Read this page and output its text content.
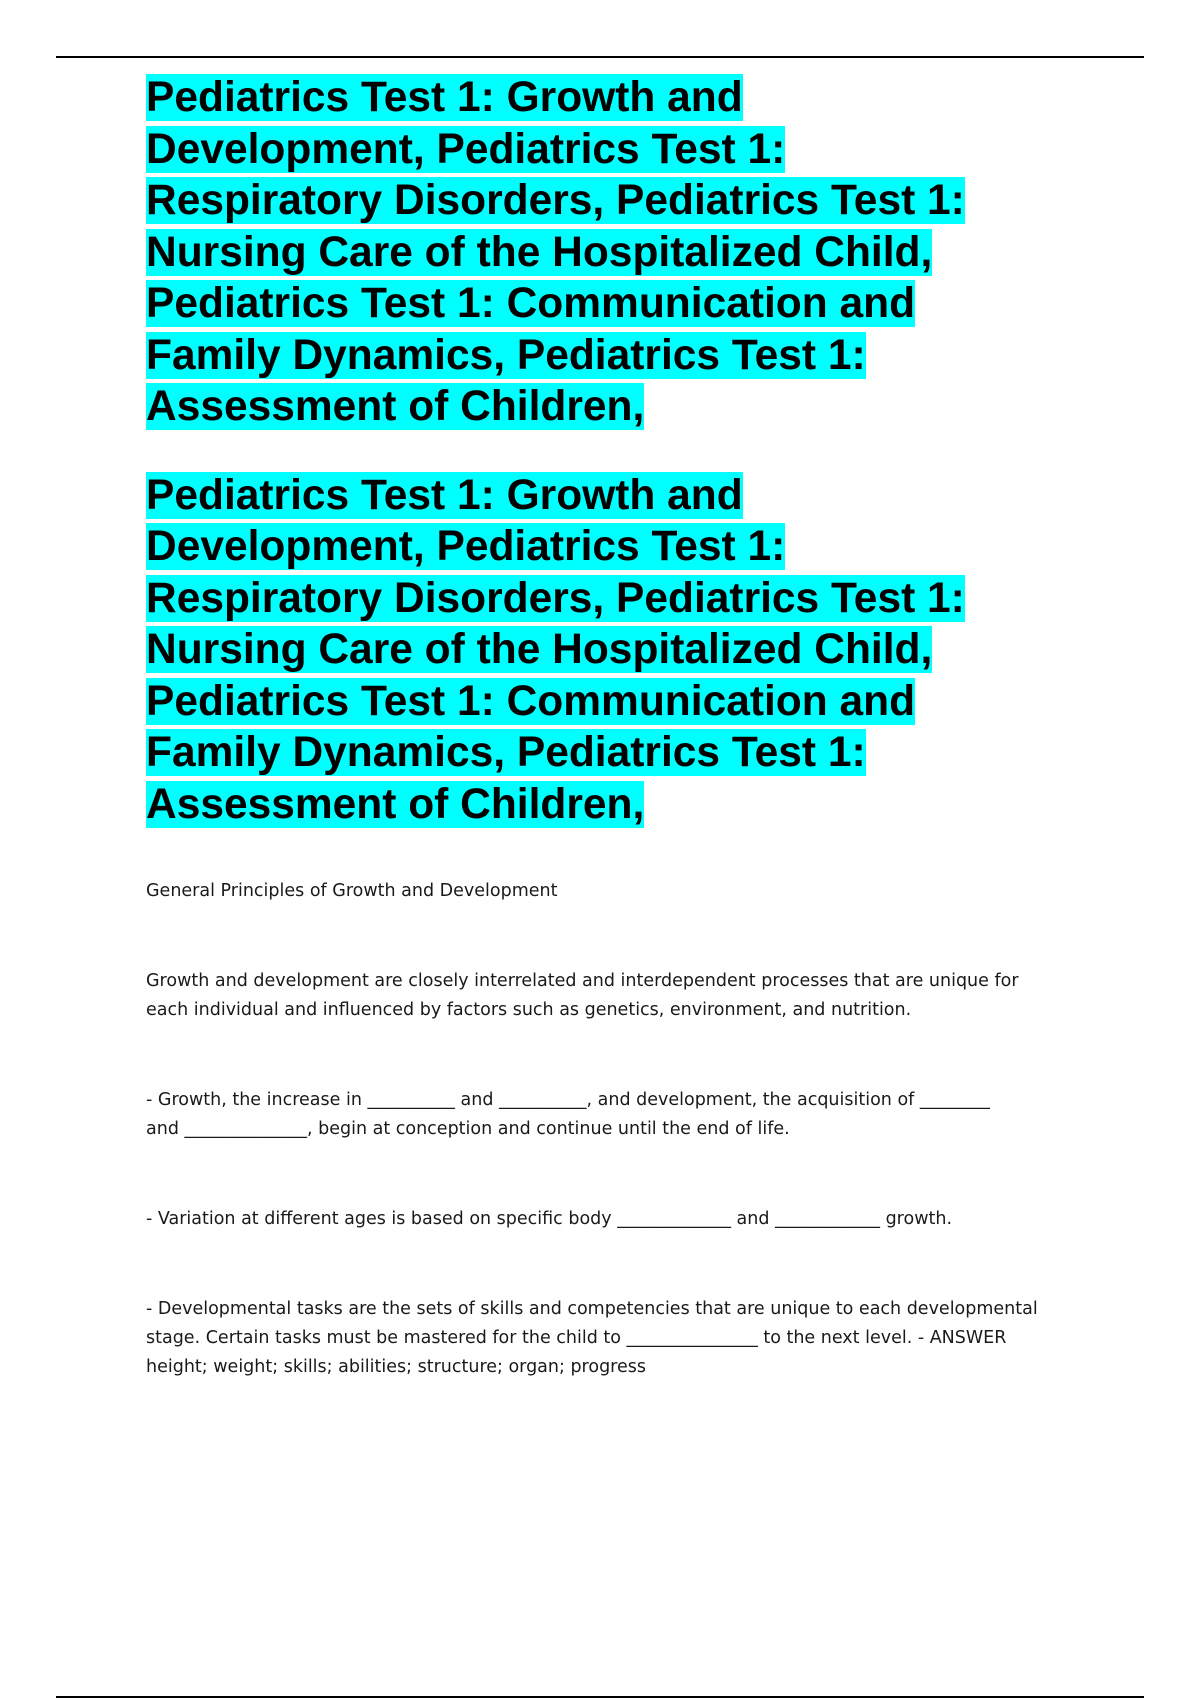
Pediatrics Test 1: Growth and
Development, Pediatrics Test 1:
Respiratory Disorders, Pediatrics Test 1:
Nursing Care of the Hospitalized Child,
Pediatrics Test 1: Communication and
Family Dynamics, Pediatrics Test 1:
Assessment of Children,
Pediatrics Test 1: Growth and
Development, Pediatrics Test 1:
Respiratory Disorders, Pediatrics Test 1:
Nursing Care of the Hospitalized Child,
Pediatrics Test 1: Communication and
Family Dynamics, Pediatrics Test 1:
Assessment of Children,

General Principles of Growth and Development

Growth and development are closely interrelated and interdependent processes that are unique for
each individual and influenced by factors such as genetics, environment, and nutrition.

- Growth, the increase in __________ and __________, and development, the acquisition of ________
and ______________, begin at conception and continue until the end of life.

- Variation at different ages is based on specific body _____________ and ____________ growth.

- Developmental tasks are the sets of skills and competencies that are unique to each developmental
stage. Certain tasks must be mastered for the child to _______________ to the next level. - ANSWER
height; weight; skills; abilities; structure; organ; progress
